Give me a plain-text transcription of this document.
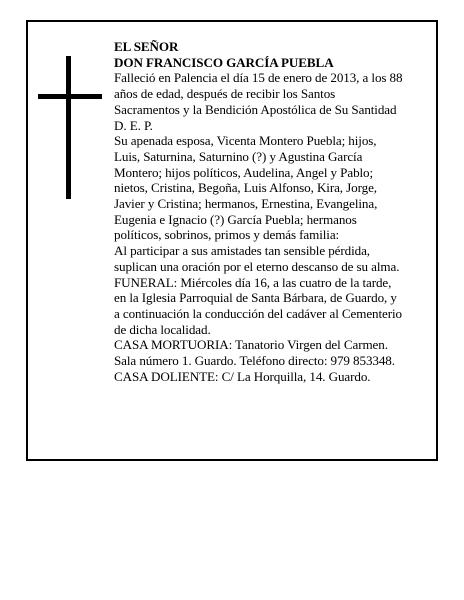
EL SEÑOR
DON FRANCISCO GARCÍA PUEBLA

Falleció en Palencia el día 15 de enero de 2013, a los 88
años de edad, después de recibir los Santos
Sacramentos y la Bendición Apostólica de Su Santidad
D. E. P.

Su apenada esposa, Vicenta Montero Puebla; hijos,
Luis, Saturnina, Saturnino (?) y Agustina García
Montero; hijos políticos, Audelina, Angel y Pablo;
nietos, Cristina, Begoña, Luis Alfonso, Kira, Jorge,
Javier y Cristina; hermanos, Ernestina, Evangelina,
Eugenia e Ignacio (?) García Puebla; hermanos
políticos, sobrinos, primos y demás familia:

Al participar a sus amistades tan sensible pérdida,
suplican una oración por el eterno descanso de su alma.

FUNERAL: Miércoles día 16, a las cuatro de la tarde,
en la Iglesia Parroquial de Santa Bárbara, de Guardo, y
a continuación la conducción del cadáver al Cementerio
de dicha localidad.

CASA MORTUORIA: Tanatorio Virgen del Carmen.
Sala número 1. Guardo. Teléfono directo: 979 853348.

CASA DOLIENTE: C/ La Horquilla, 14. Guardo.
